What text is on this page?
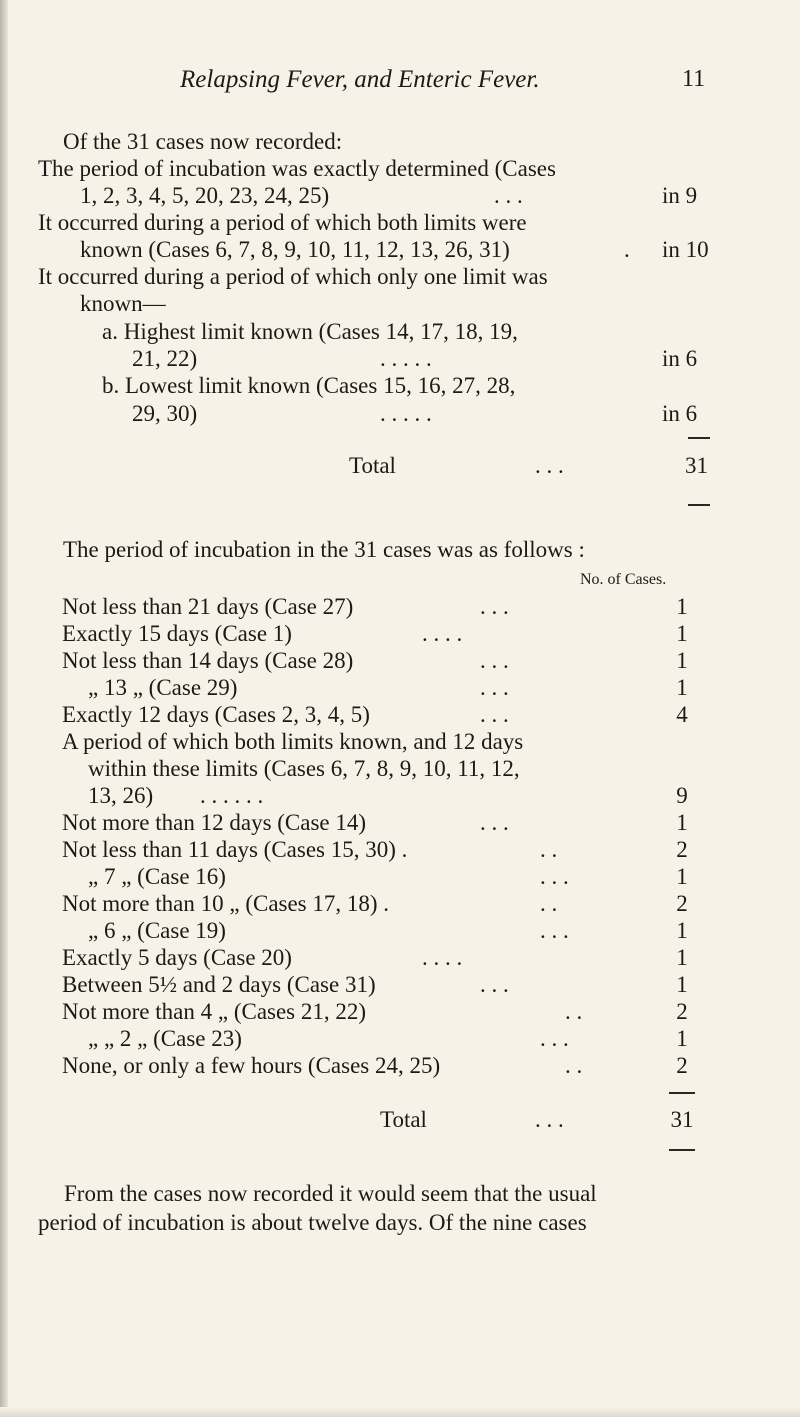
Relapsing Fever, and Enteric Fever.	11
Of the 31 cases now recorded:
The period of incubation was exactly determined (Cases
1, 2, 3, 4, 5, 20, 23, 24, 25)	. . .	in 9
It occurred during a period of which both limits were
known (Cases 6, 7, 8, 9, 10, 11, 12, 13, 26, 31)	. in 10
It occurred during a period of which only one limit was
known—
a. Highest limit known (Cases 14, 17, 18, 19,
21, 22)	. . . . .	in 6
b. Lowest limit known (Cases 15, 16, 27, 28,
29, 30)	. . . . .	in 6
Total	. . .	31
The period of incubation in the 31 cases was as follows :
No. of Cases.
Not less than 21 days (Case 27)	. . .	1
Exactly 15 days (Case 1)	. . . .	1
Not less than 14 days (Case 28)	. . .	1
„ 13 „ (Case 29)	. . .	1
Exactly 12 days (Cases 2, 3, 4, 5)	. . .	4
A period of which both limits known, and 12 days
within these limits (Cases 6, 7, 8, 9, 10, 11, 12,
13, 26) . . . . . .	9
Not more than 12 days (Case 14)	. . .	1
Not less than 11 days (Cases 15, 30) .	. .	2
„ 7 „ (Case 16)	. . .	1
Not more than 10 „ (Cases 17, 18) .	. .	2
„ 6 „ (Case 19)	. . .	1
Exactly 5 days (Case 20)	. . . .	1
Between 5½ and 2 days (Case 31)	. . .	1
Not more than 4 „ (Cases 21, 22)	. .	2
„ „ 2 „ (Case 23)	. . .	1
None, or only a few hours (Cases 24, 25)	. .	2
Total	. . .	31
From the cases now recorded it would seem that the usual
period of incubation is about twelve days. Of the nine cases
